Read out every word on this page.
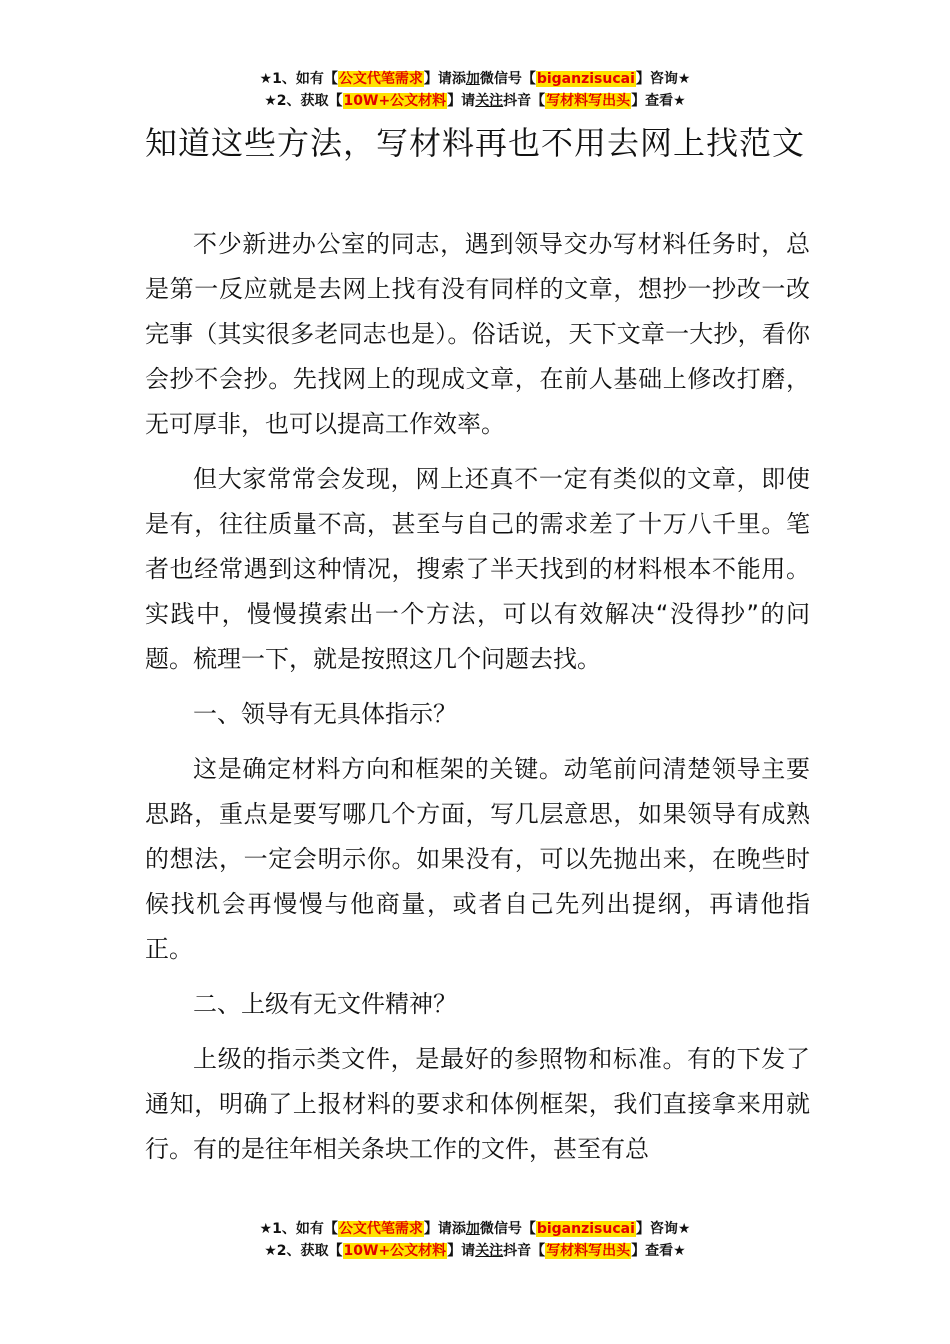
★1、如有【公文代笔需求】请添加微信号【biganzisucai】咨询★
★2、获取【10W+公文材料】请关注抖音【写材料写出头】查看★
知道这些方法，写材料再也不用去网上找范文

不少新进办公室的同志，遇到领导交办写材料任务时，总是第一反应就是去网上找有没有同样的文章，想抄一抄改一改完事（其实很多老同志也是）。俗话说，天下文章一大抄，看你会抄不会抄。先找网上的现成文章，在前人基础上修改打磨，无可厚非，也可以提高工作效率。

但大家常常会发现，网上还真不一定有类似的文章，即使是有，往往质量不高，甚至与自己的需求差了十万八千里。笔者也经常遇到这种情况，搜索了半天找到的材料根本不能用。实践中，慢慢摸索出一个方法，可以有效解决“没得抄”的问题。梳理一下，就是按照这几个问题去找。

一、领导有无具体指示？

这是确定材料方向和框架的关键。动笔前问清楚领导主要思路，重点是要写哪几个方面，写几层意思，如果领导有成熟的想法，一定会明示你。如果没有，可以先抛出来，在晚些时候找机会再慢慢与他商量，或者自己先列出提纲，再请他指正。

二、上级有无文件精神？

上级的指示类文件，是最好的参照物和标准。有的下发了通知，明确了上报材料的要求和体例框架，我们直接拿来用就行。有的是往年相关条块工作的文件，甚至有总

★1、如有【公文代笔需求】请添加微信号【biganzisucai】咨询★
★2、获取【10W+公文材料】请关注抖音【写材料写出头】查看★
